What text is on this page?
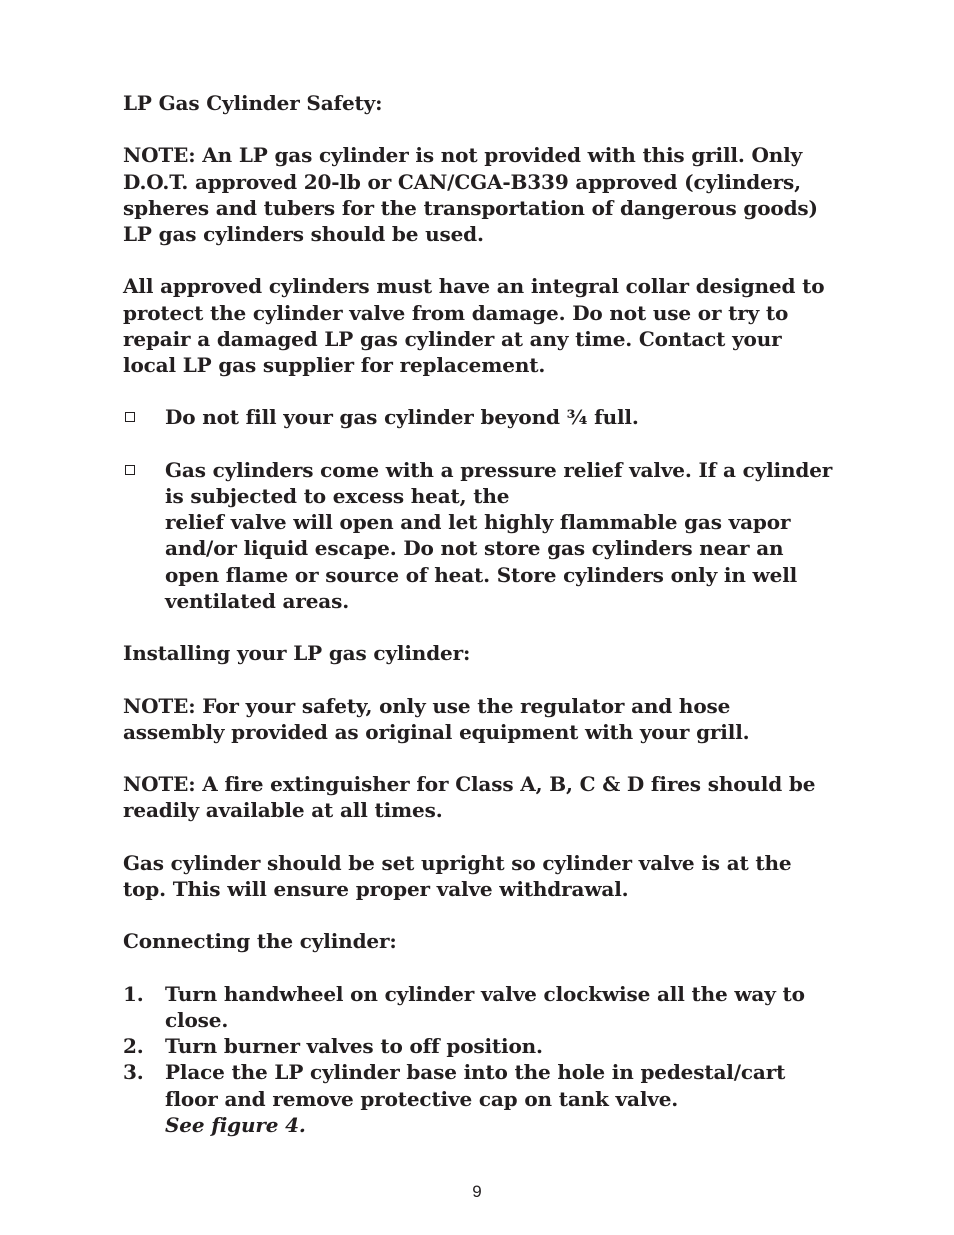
LP Gas Cylinder Safety:

NOTE: An LP gas cylinder is not provided with this grill. Only D.O.T. approved 20-lb or CAN/CGA-B339 approved (cylinders, spheres and tubers for the transportation of dangerous goods) LP gas cylinders should be used.

All approved cylinders must have an integral collar designed to protect the cylinder valve from damage. Do not use or try to repair a damaged LP gas cylinder at any time. Contact your local LP gas supplier for replacement.

Do not fill your gas cylinder beyond ¾ full.
Gas cylinders come with a pressure relief valve. If a cylinder is subjected to excess heat, the
relief valve will open and let highly flammable gas vapor and/or liquid escape. Do not store gas cylinders near an open flame or source of heat. Store cylinders only in well ventilated areas.

Installing your LP gas cylinder:

NOTE: For your safety, only use the regulator and hose assembly provided as original equipment with your grill.

NOTE: A fire extinguisher for Class A, B, C & D fires should be readily available at all times.

Gas cylinder should be set upright so cylinder valve is at the top. This will ensure proper valve withdrawal.

Connecting the cylinder:

1. Turn handwheel on cylinder valve clockwise all the way to close.
2. Turn burner valves to off position.
3. Place the LP cylinder base into the hole in pedestal/cart floor and remove protective cap on tank valve.
See figure 4.
9
